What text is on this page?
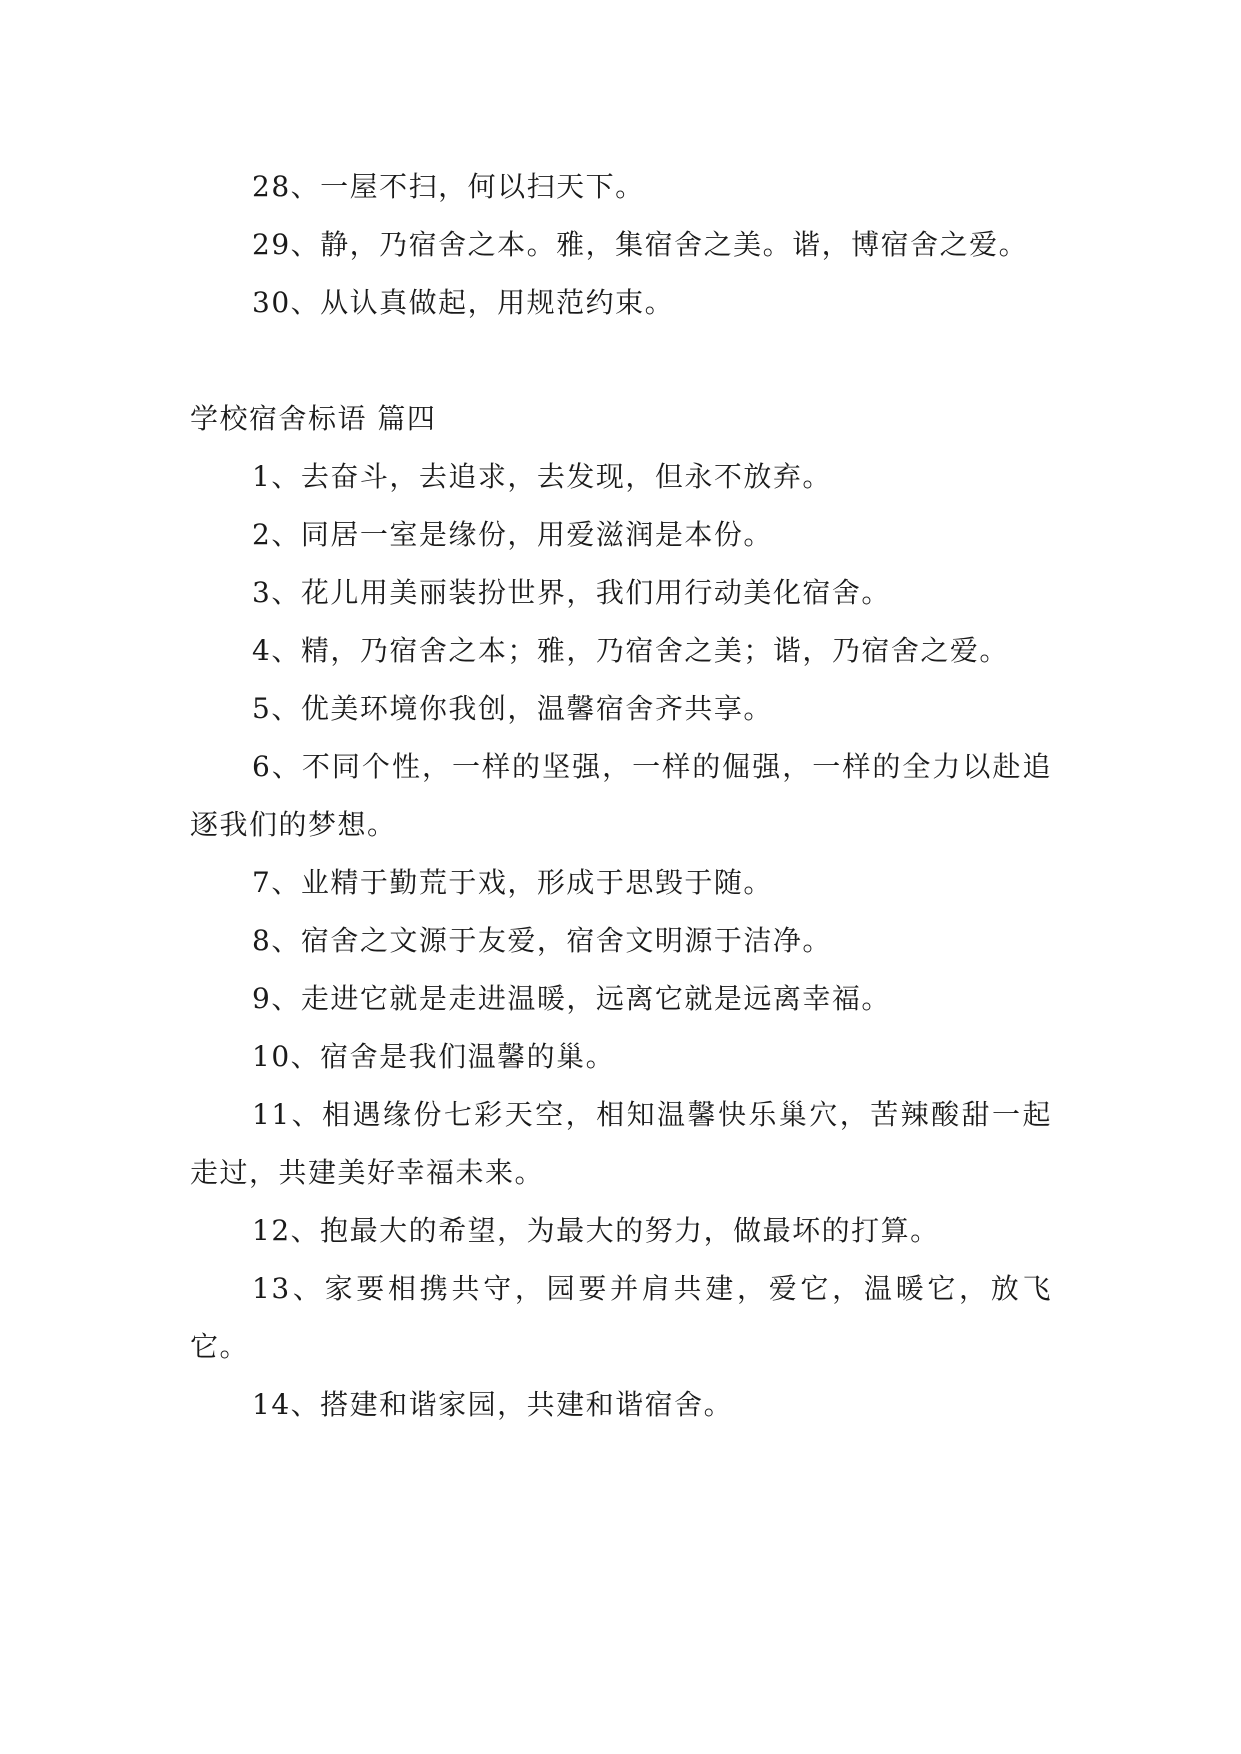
28、一屋不扫，何以扫天下。

29、静，乃宿舍之本。雅，集宿舍之美。谐，博宿舍之爱。

30、从认真做起，用规范约束。

学校宿舍标语 篇四

1、去奋斗，去追求，去发现，但永不放弃。

2、同居一室是缘份，用爱滋润是本份。

3、花儿用美丽装扮世界，我们用行动美化宿舍。

4、精，乃宿舍之本；雅，乃宿舍之美；谐，乃宿舍之爱。

5、优美环境你我创，温馨宿舍齐共享。

6、不同个性，一样的坚强，一样的倔强，一样的全力以赴追逐我们的梦想。

7、业精于勤荒于戏，形成于思毁于随。

8、宿舍之文源于友爱，宿舍文明源于洁净。

9、走进它就是走进温暖，远离它就是远离幸福。

10、宿舍是我们温馨的巢。

11、相遇缘份七彩天空，相知温馨快乐巢穴，苦辣酸甜一起走过，共建美好幸福未来。

12、抱最大的希望，为最大的努力，做最坏的打算。

13、家要相携共守，园要并肩共建，爱它，温暖它，放飞它。

14、搭建和谐家园，共建和谐宿舍。
